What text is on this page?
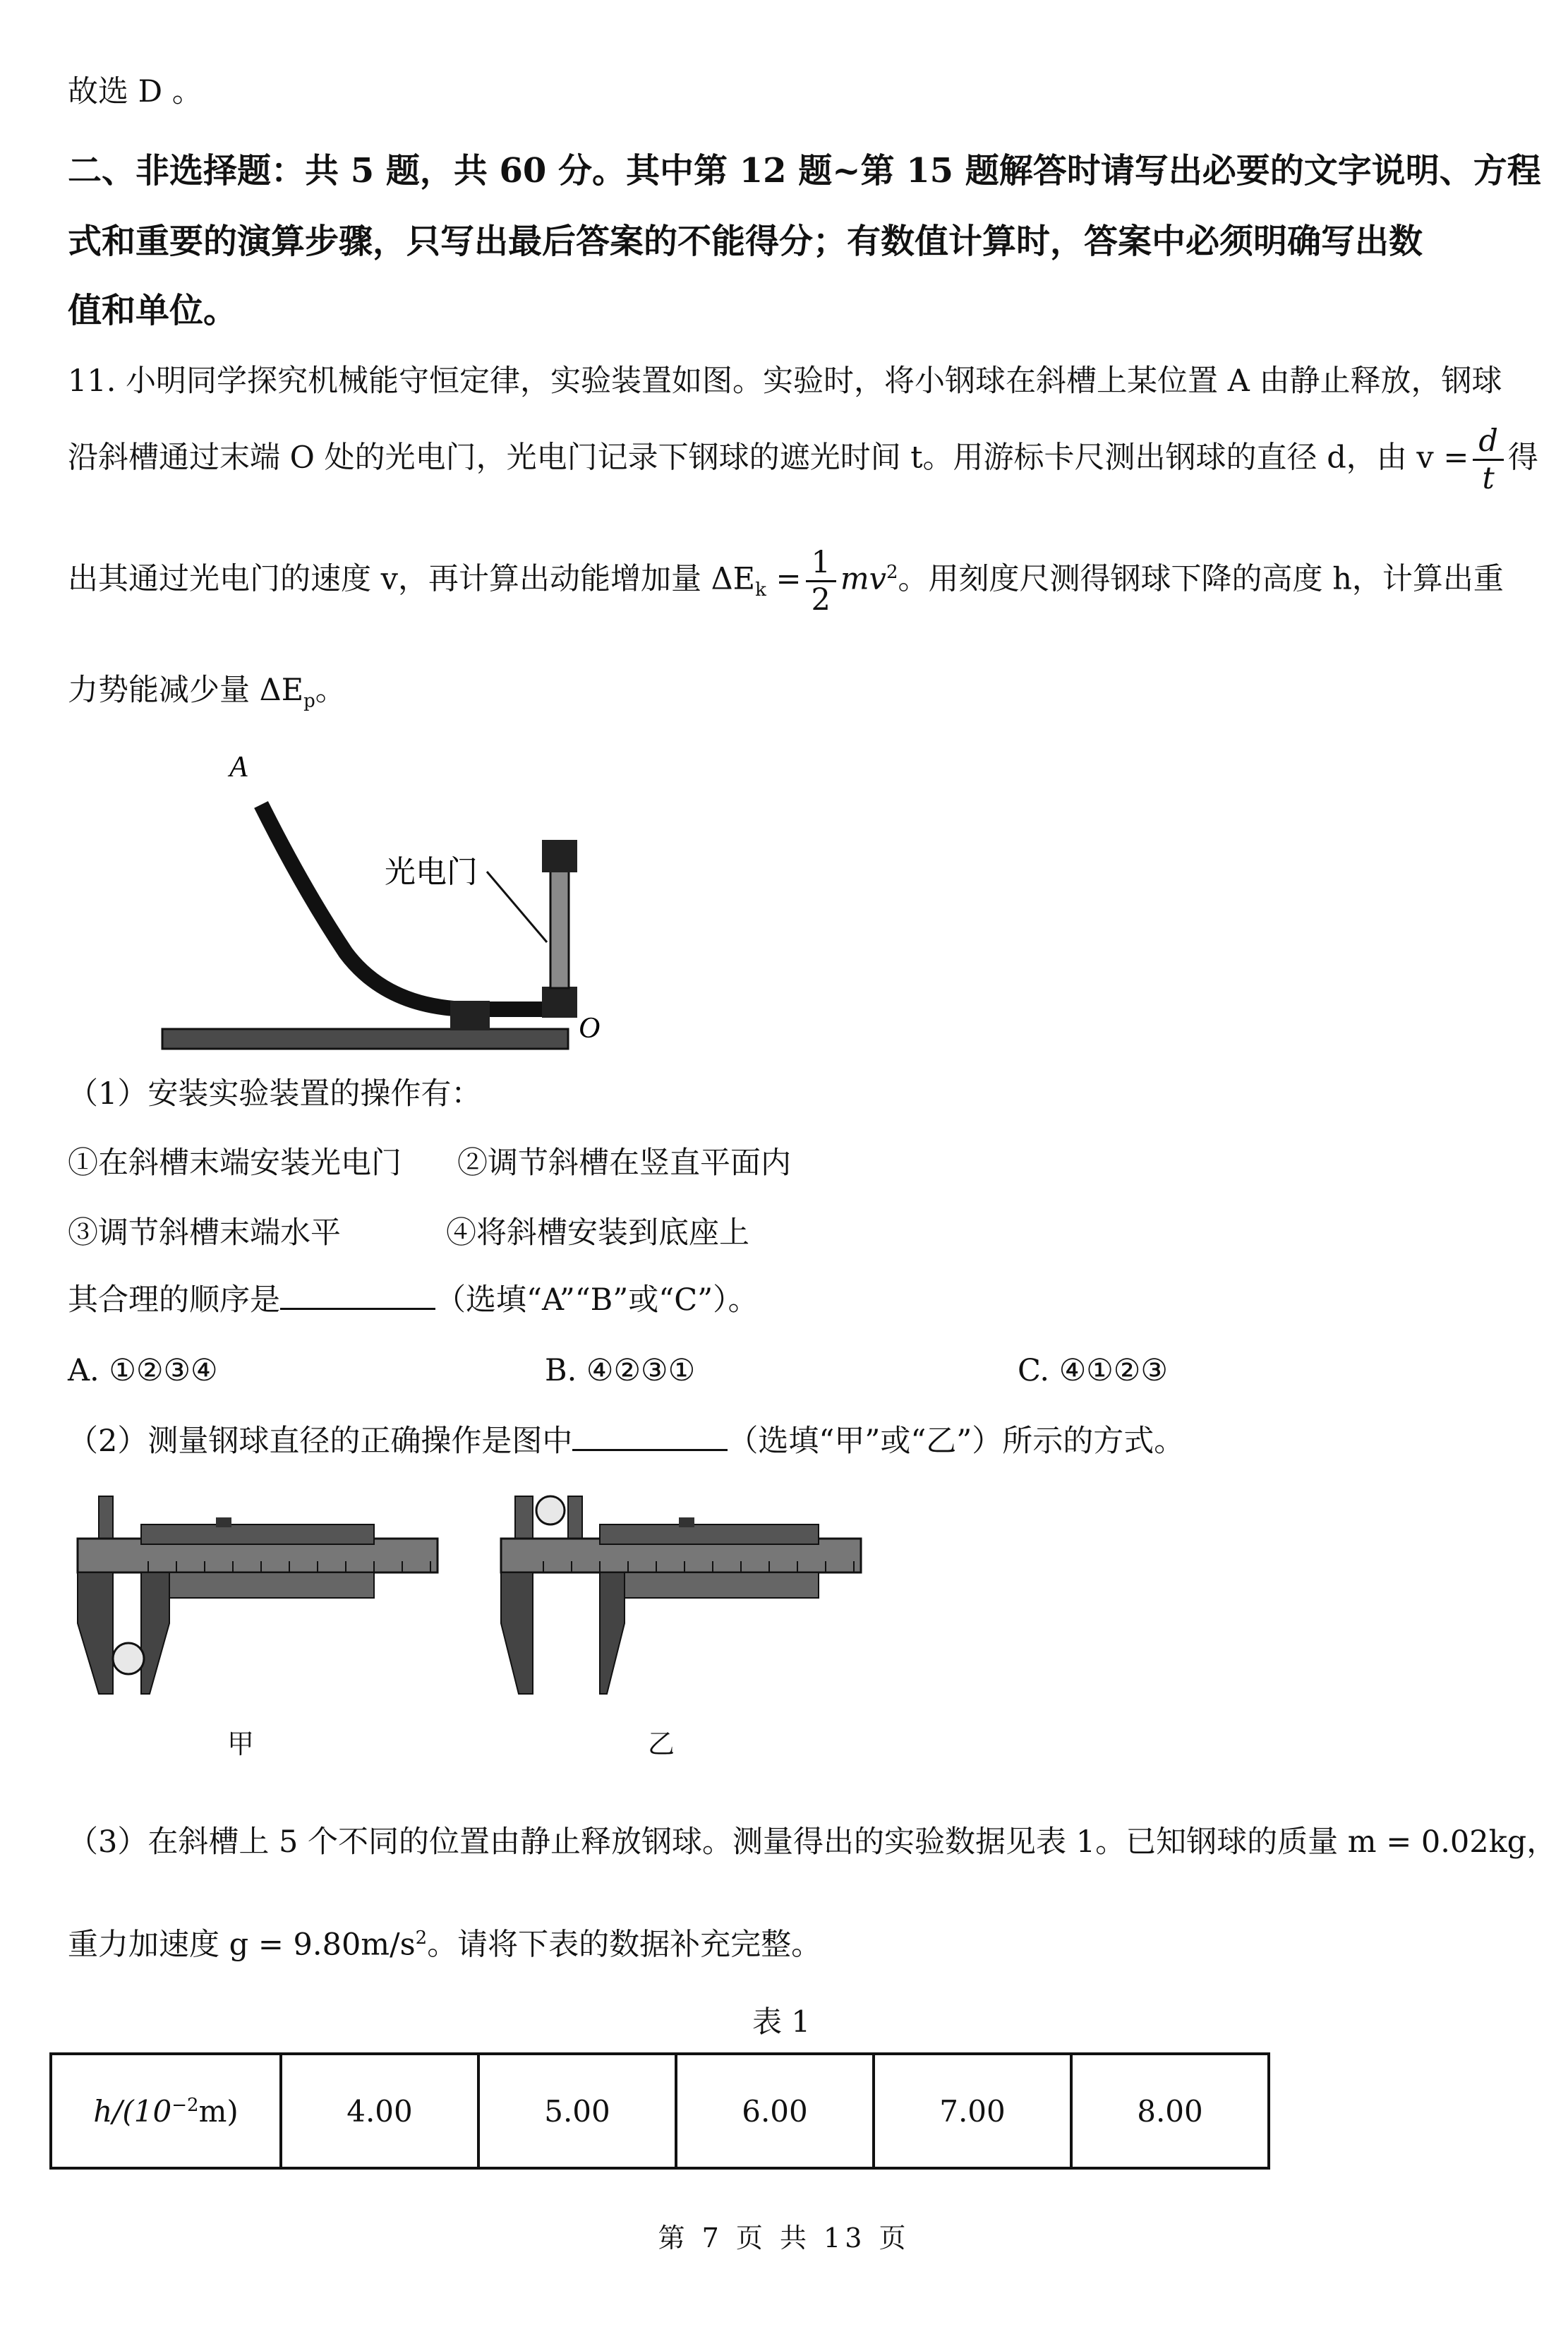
故选 D 。
二、非选择题：共 5 题，共 60 分。其中第 12 题~第 15 题解答时请写出必要的文字说明、方程
式和重要的演算步骤，只写出最后答案的不能得分；有数值计算时，答案中必须明确写出数
值和单位。
11. 小明同学探究机械能守恒定律，实验装置如图。实验时，将小钢球在斜槽上某位置 A 由静止释放，钢球
沿斜槽通过末端 O 处的光电门，光电门记录下钢球的遮光时间 t。用游标卡尺测出钢球的直径 d，由 $v = \frac{d}{t}$ 得
出其通过光电门的速度 v，再计算出动能增加量 $\Delta E_k = \frac{1}{2} mv^2$。用刻度尺测得钢球下降的高度 h，计算出重
力势能减少量 $\Delta E_p$。
A
光电门
O
（1）安装实验装置的操作有：
①在斜槽末端安装光电门 ②调节斜槽在竖直平面内
③调节斜槽末端水平	④将斜槽安装到底座上
其合理的顺序是	（选填“A”“B”或“C”）。
A. ①②③④	B. ④②③①	C. ④①②③
（2）测量钢球直径的正确操作是图中	（选填“甲”或“乙”）所示的方式。
甲	乙
（3）在斜槽上 5 个不同的位置由静止释放钢球。测量得出的实验数据见表 1。已知钢球的质量 m = 0.02kg，
重力加速度 $g = 9.80m/s^2$。请将下表的数据补充完整。
表 1
$h/(10^{-2}m)$	4.00	5.00	6.00	7.00	8.00
第 7 页 共 13 页
